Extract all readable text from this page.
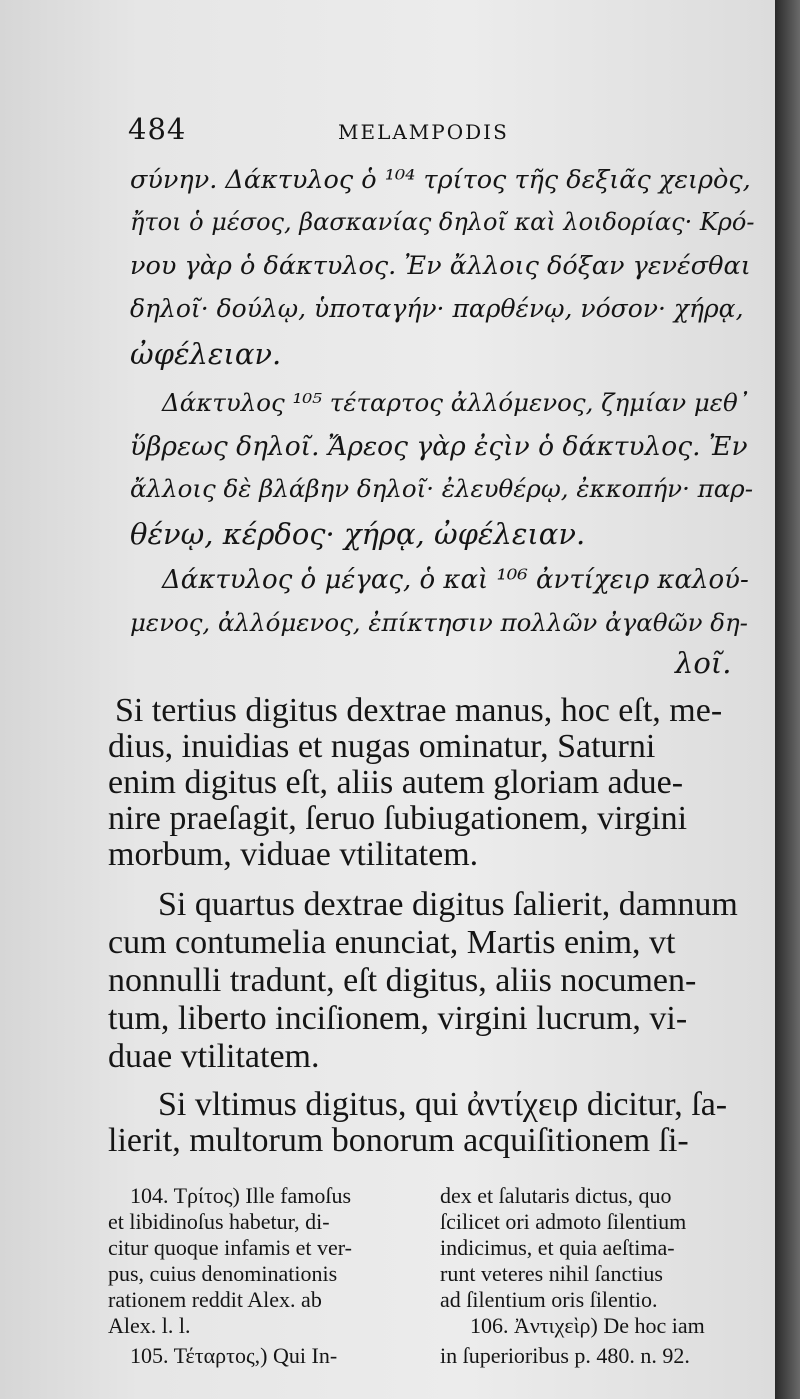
484	MELAMPODIS
σύνην. Δάκτυλος ὁ ¹⁰⁴ τρίτος τῆς δεξιᾶς χειρὸς,
ἤτοι ὁ μέσος, βασκανίας δηλοῖ καὶ λοιδορίας· Κρό-
νου γὰρ ὁ δάκτυλος. Ἐν ἄλλοις δόξαν γενέσθαι
δηλοῖ· δούλῳ, ὑποταγήν· παρθένῳ, νόσον· χήρᾳ,
ὠφέλειαν.
Δάκτυλος ¹⁰⁵ τέταρτος ἀλλόμενος, ζημίαν μεθ᾽
ὕβρεως δηλοῖ. Ἄρεος γὰρ ἐςὶν ὁ δάκτυλος. Ἐν
ἄλλοις δὲ βλάβην δηλοῖ· ἐλευθέρῳ, ἐκκοπήν· παρ-
θένῳ, κέρδος· χήρᾳ, ὠφέλειαν.
Δάκτυλος ὁ μέγας, ὁ καὶ ¹⁰⁶ ἀντίχειρ καλού-
μενος, ἀλλόμενος, ἐπίκτησιν πολλῶν ἀγαθῶν δη-
λοῖ.
Si tertius digitus dextrae manus, hoc eſt, me-
dius, inuidias et nugas ominatur, Saturni
enim digitus eſt, aliis autem gloriam adue-
nire praeſagit, ſeruo ſubiugationem, virgini
morbum, viduae vtilitatem.
Si quartus dextrae digitus ſalierit, damnum
cum contumelia enunciat, Martis enim, vt
nonnulli tradunt, eſt digitus, aliis nocumen-
tum, liberto inciſionem, virgini lucrum, vi-
duae vtilitatem.
Si vltimus digitus, qui ἀντίχειρ dicitur, ſa-
lierit, multorum bonorum acquiſitionem ſi-
104. Τρίτος) Ille famoſus
et libidinoſus habetur, di-
citur quoque infamis et ver-
pus, cuius denominationis
rationem reddit Alex. ab
Alex. l. l.
105. Τέταρτος,) Qui In-
dex et ſalutaris dictus, quo
ſcilicet ori admoto ſilentium
indicimus, et quia aeſtima-
runt veteres nihil ſanctius
ad ſilentium oris ſilentio.
106. Ἀντιχεὶρ) De hoc iam
in ſuperioribus p. 480. n. 92.
